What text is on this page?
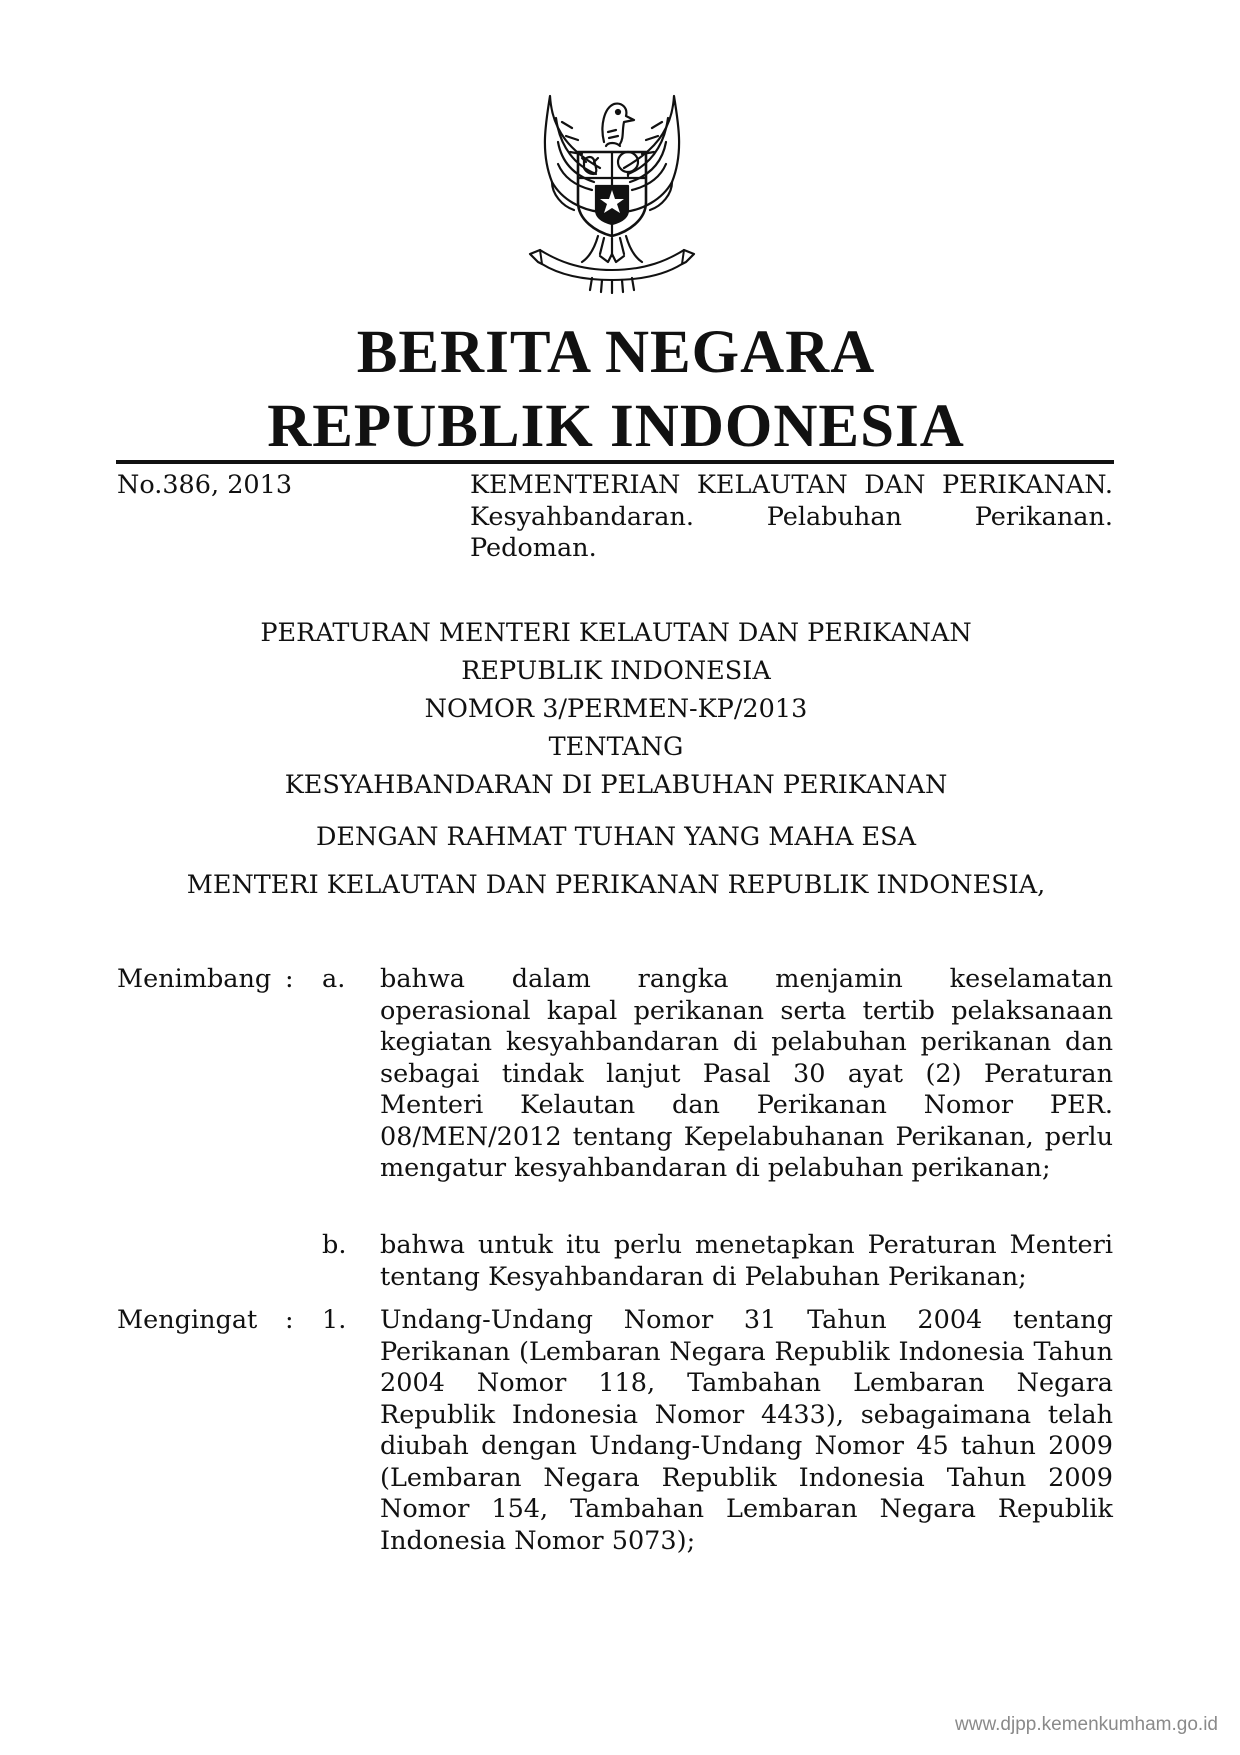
BERITA NEGARA
REPUBLIK INDONESIA
No.386, 2013	KEMENTERIAN KELAUTAN DAN PERIKANAN.
Kesyahbandaran. Pelabuhan Perikanan.
Pedoman.
PERATURAN MENTERI KELAUTAN DAN PERIKANAN
REPUBLIK INDONESIA
NOMOR 3/PERMEN-KP/2013
TENTANG
KESYAHBANDARAN DI PELABUHAN PERIKANAN
DENGAN RAHMAT TUHAN YANG MAHA ESA
MENTERI KELAUTAN DAN PERIKANAN REPUBLIK INDONESIA,
Menimbang : a. bahwa dalam rangka menjamin keselamatan operasional kapal perikanan serta tertib pelaksanaan kegiatan kesyahbandaran di pelabuhan perikanan dan sebagai tindak lanjut Pasal 30 ayat (2) Peraturan Menteri Kelautan dan Perikanan Nomor PER. 08/MEN/2012 tentang Kepelabuhanan Perikanan, perlu mengatur kesyahbandaran di pelabuhan perikanan;
b. bahwa untuk itu perlu menetapkan Peraturan Menteri tentang Kesyahbandaran di Pelabuhan Perikanan;
Mengingat : 1. Undang-Undang Nomor 31 Tahun 2004 tentang Perikanan (Lembaran Negara Republik Indonesia Tahun 2004 Nomor 118, Tambahan Lembaran Negara Republik Indonesia Nomor 4433), sebagaimana telah diubah dengan Undang-Undang Nomor 45 tahun 2009 (Lembaran Negara Republik Indonesia Tahun 2009 Nomor 154, Tambahan Lembaran Negara Republik Indonesia Nomor 5073);
www.djpp.kemenkumham.go.id
